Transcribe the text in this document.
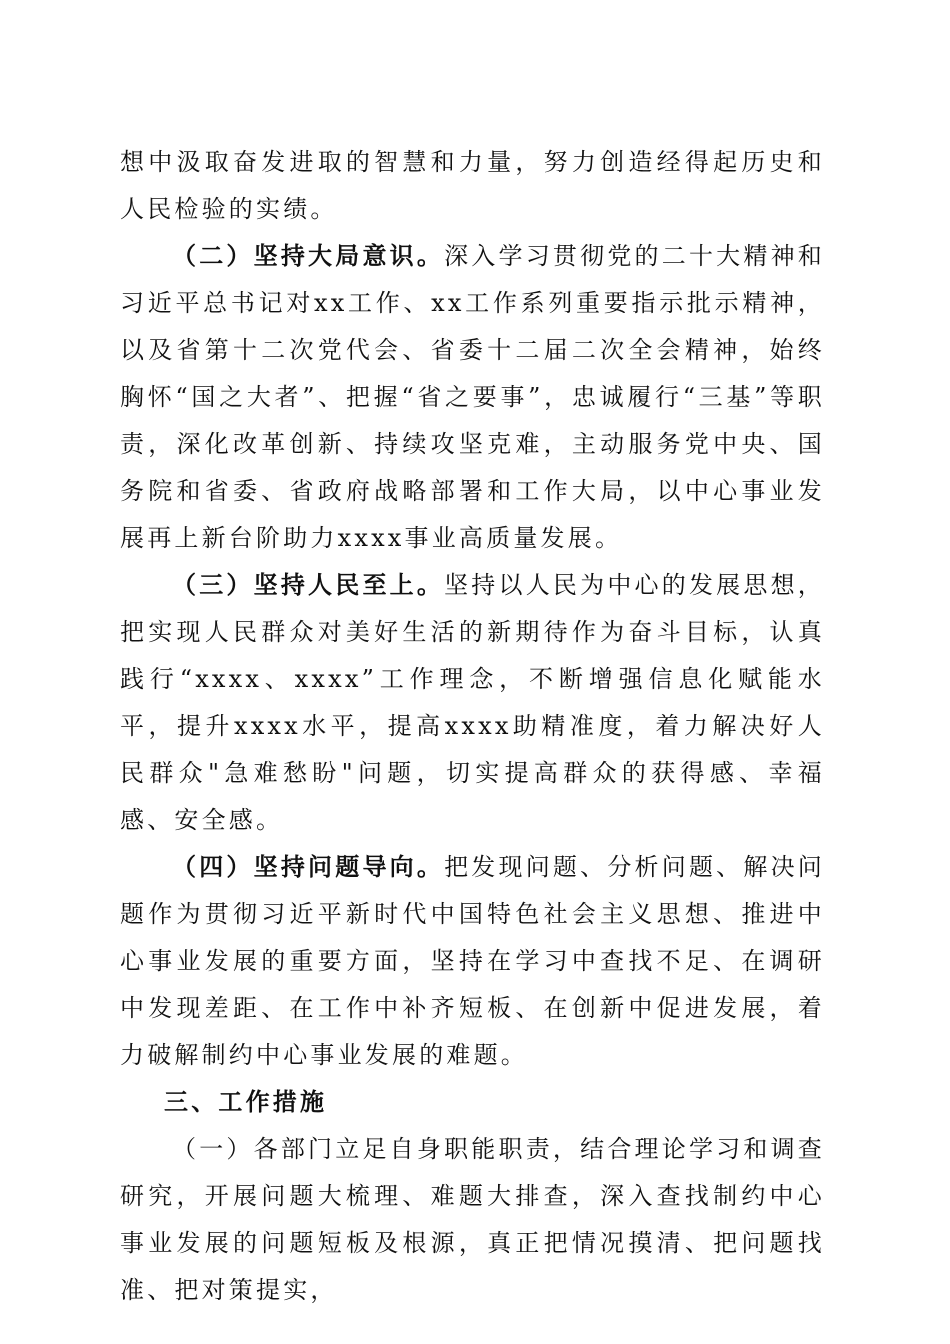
想中汲取奋发进取的智慧和力量，努力创造经得起历史和人民检验的实绩。

（二）坚持大局意识。深入学习贯彻党的二十大精神和习近平总书记对xx工作、xx工作系列重要指示批示精神，以及省第十二次党代会、省委十二届二次全会精神，始终胸怀“国之大者”、把握“省之要事”，忠诚履行“三基”等职责，深化改革创新、持续攻坚克难，主动服务党中央、国务院和省委、省政府战略部署和工作大局，以中心事业发展再上新台阶助力xxxx事业高质量发展。

（三）坚持人民至上。坚持以人民为中心的发展思想，把实现人民群众对美好生活的新期待作为奋斗目标，认真践行“xxxx、xxxx”工作理念，不断增强信息化赋能水平，提升xxxx水平，提高xxxx助精准度，着力解决好人民群众"急难愁盼"问题，切实提高群众的获得感、幸福感、安全感。

（四）坚持问题导向。把发现问题、分析问题、解决问题作为贯彻习近平新时代中国特色社会主义思想、推进中心事业发展的重要方面，坚持在学习中查找不足、在调研中发现差距、在工作中补齐短板、在创新中促进发展，着力破解制约中心事业发展的难题。

三、工作措施

（一）各部门立足自身职能职责，结合理论学习和调查研究，开展问题大梳理、难题大排查，深入查找制约中心事业发展的问题短板及根源，真正把情况摸清、把问题找准、把对策提实，
